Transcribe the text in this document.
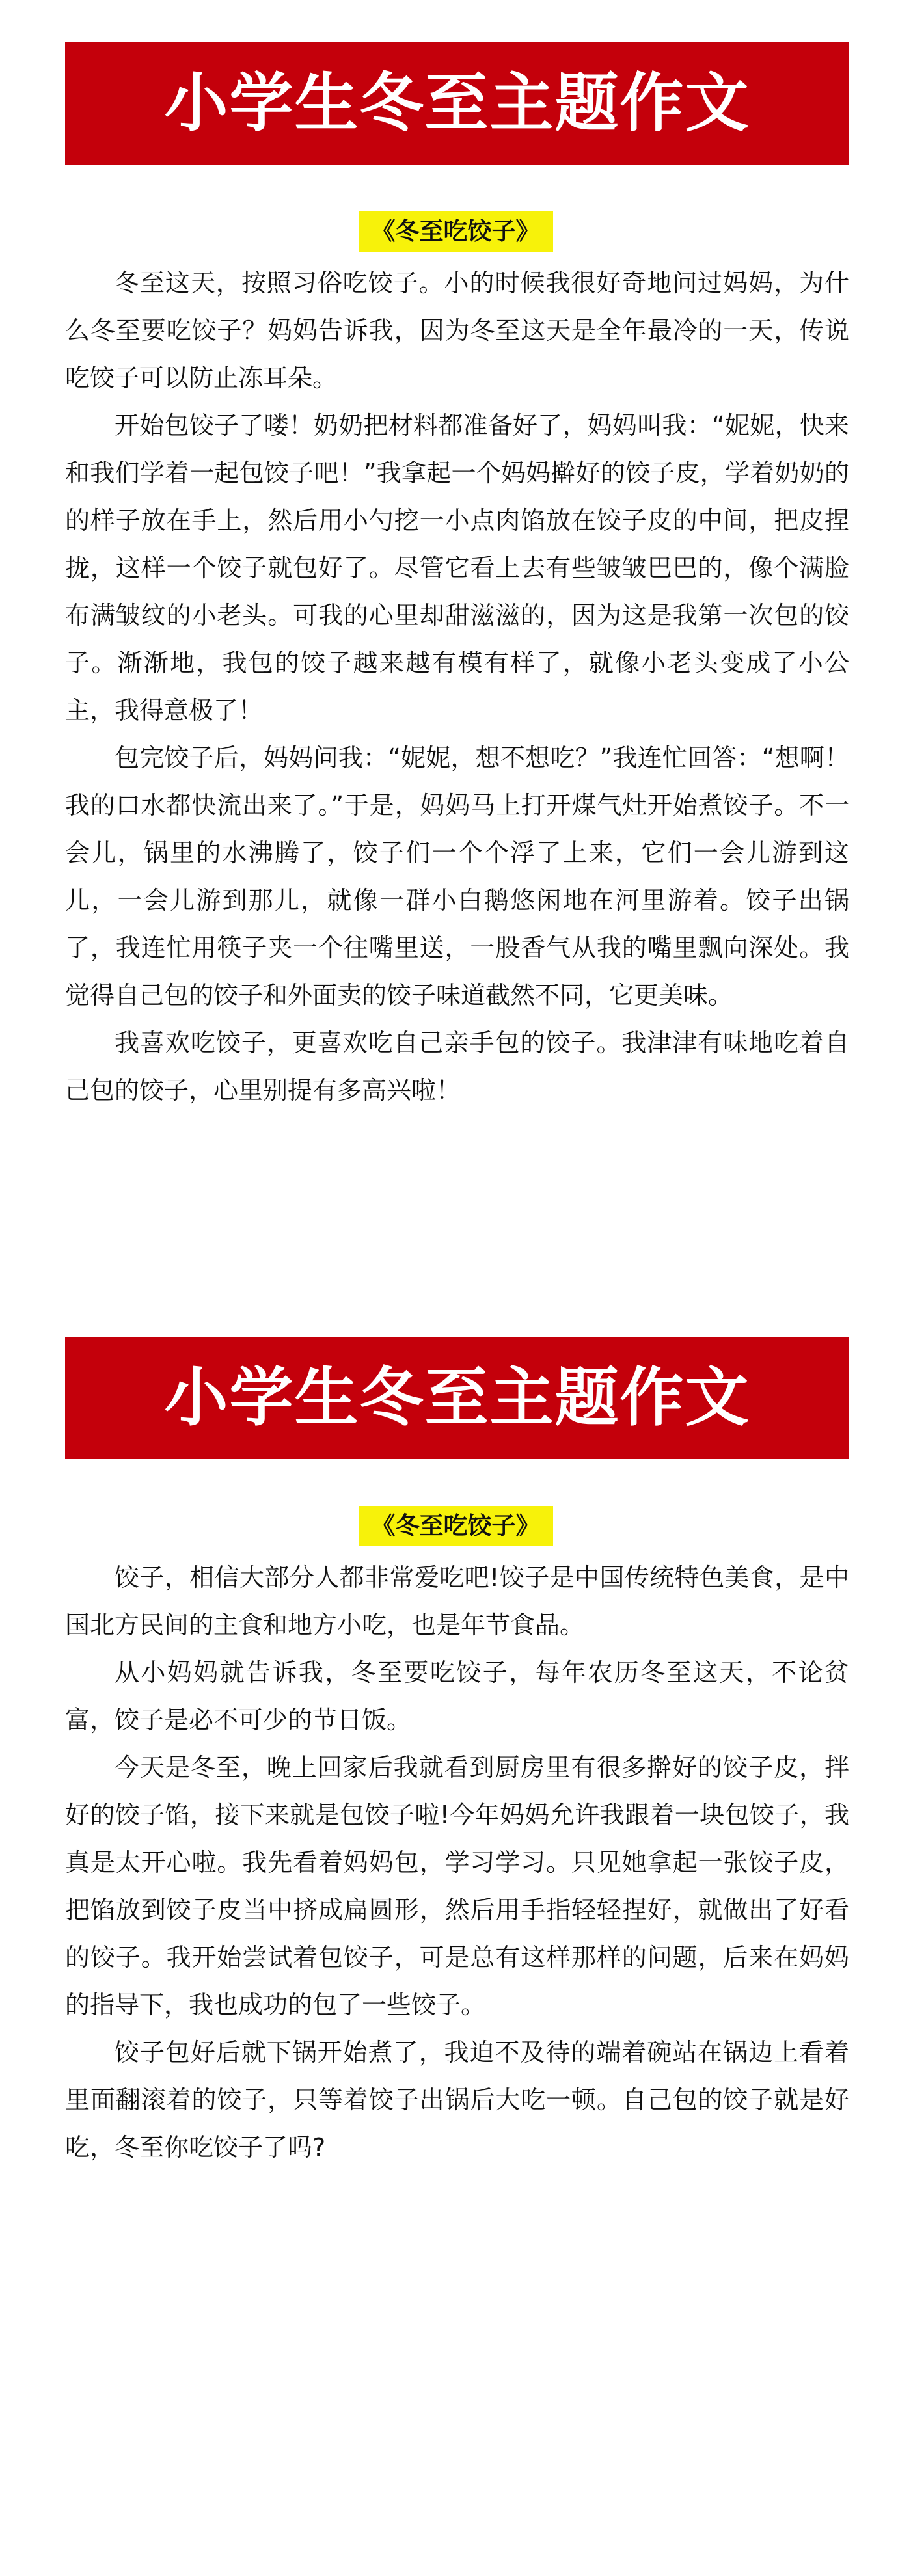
小学生冬至主题作文
《冬至吃饺子》

冬至这天，按照习俗吃饺子。小的时候我很好奇地问过妈妈，为什么冬至要吃饺子？妈妈告诉我，因为冬至这天是全年最冷的一天，传说吃饺子可以防止冻耳朵。

开始包饺子了喽！奶奶把材料都准备好了，妈妈叫我：“妮妮，快来和我们学着一起包饺子吧！”我拿起一个妈妈擀好的饺子皮，学着奶奶的的样子放在手上，然后用小勺挖一小点肉馅放在饺子皮的中间，把皮捏拢，这样一个饺子就包好了。尽管它看上去有些皱皱巴巴的，像个满脸布满皱纹的小老头。可我的心里却甜滋滋的，因为这是我第一次包的饺子。渐渐地，我包的饺子越来越有模有样了，就像小老头变成了小公主，我得意极了！

包完饺子后，妈妈问我：“妮妮，想不想吃？”我连忙回答：“想啊！我的口水都快流出来了。”于是，妈妈马上打开煤气灶开始煮饺子。不一会儿，锅里的水沸腾了，饺子们一个个浮了上来，它们一会儿游到这儿，一会儿游到那儿，就像一群小白鹅悠闲地在河里游着。饺子出锅了，我连忙用筷子夹一个往嘴里送，一股香气从我的嘴里飘向深处。我觉得自己包的饺子和外面卖的饺子味道截然不同，它更美味。

我喜欢吃饺子，更喜欢吃自己亲手包的饺子。我津津有味地吃着自己包的饺子，心里别提有多高兴啦！

小学生冬至主题作文
《冬至吃饺子》

饺子，相信大部分人都非常爱吃吧!饺子是中国传统特色美食，是中国北方民间的主食和地方小吃，也是年节食品。

从小妈妈就告诉我，冬至要吃饺子，每年农历冬至这天，不论贫富，饺子是必不可少的节日饭。

今天是冬至，晚上回家后我就看到厨房里有很多擀好的饺子皮，拌好的饺子馅，接下来就是包饺子啦!今年妈妈允许我跟着一块包饺子，我真是太开心啦。我先看着妈妈包，学习学习。只见她拿起一张饺子皮，把馅放到饺子皮当中挤成扁圆形，然后用手指轻轻捏好，就做出了好看的饺子。我开始尝试着包饺子，可是总有这样那样的问题，后来在妈妈的指导下，我也成功的包了一些饺子。

饺子包好后就下锅开始煮了，我迫不及待的端着碗站在锅边上看着里面翻滚着的饺子，只等着饺子出锅后大吃一顿。自己包的饺子就是好吃，冬至你吃饺子了吗?
